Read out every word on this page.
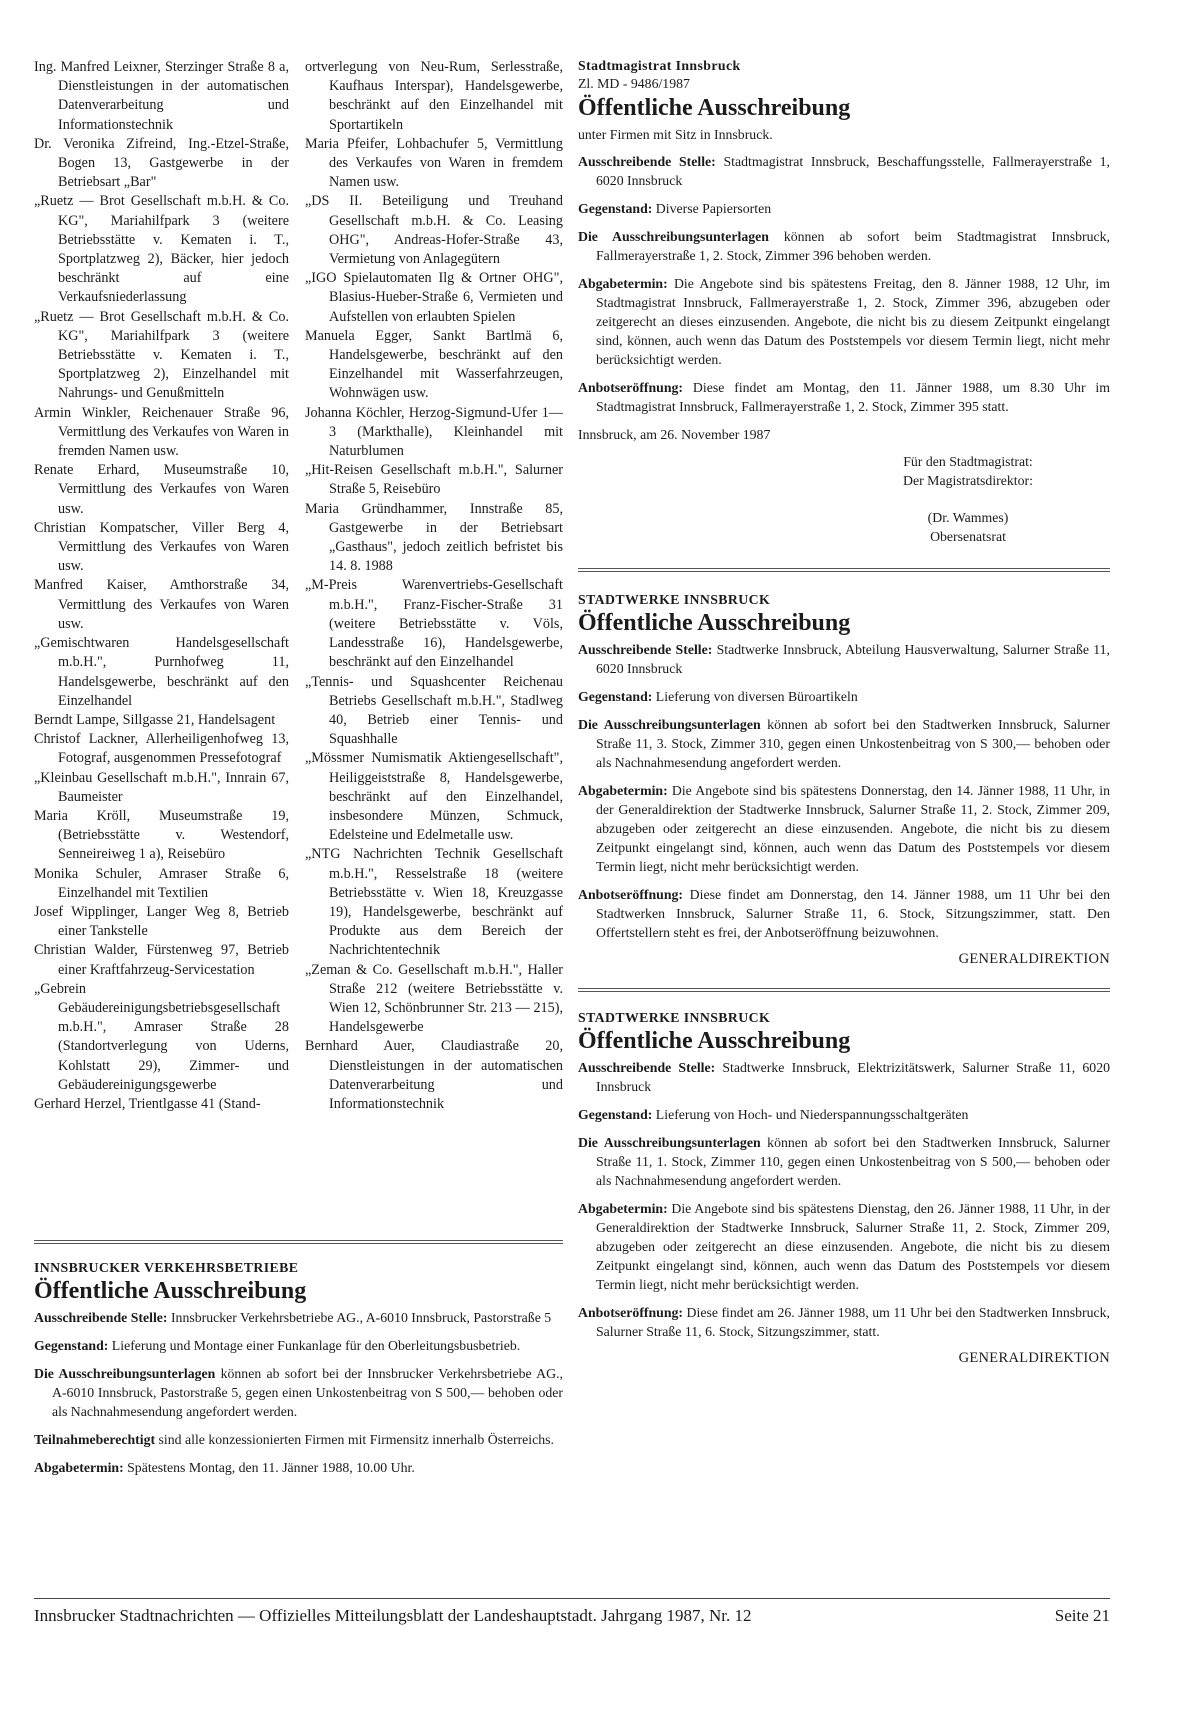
Ing. Manfred Leixner, Sterzinger Straße 8 a, Dienstleistungen in der automatischen Datenverarbeitung und Informationstechnik
Dr. Veronika Zifreind, Ing.-Etzel-Straße, Bogen 13, Gastgewerbe in der Betriebsart „Bar"
„Ruetz — Brot Gesellschaft m.b.H. & Co. KG", Mariahilfpark 3 (weitere Betriebsstätte v. Kematen i. T., Sportplatzweg 2), Bäcker, hier jedoch beschränkt auf eine Verkaufsniederlassung
„Ruetz — Brot Gesellschaft m.b.H. & Co. KG", Mariahilfpark 3 (weitere Betriebsstätte v. Kematen i. T., Sportplatzweg 2), Einzelhandel mit Nahrungs- und Genußmitteln
Armin Winkler, Reichenauer Straße 96, Vermittlung des Verkaufes von Waren in fremden Namen usw.
Renate Erhard, Museumstraße 10, Vermittlung des Verkaufes von Waren usw.
Christian Kompatscher, Viller Berg 4, Vermittlung des Verkaufes von Waren usw.
Manfred Kaiser, Amthorstraße 34, Vermittlung des Verkaufes von Waren usw.
„Gemischtwaren Handelsgesellschaft m.b.H.", Purnhofweg 11, Handelsgewerbe, beschränkt auf den Einzelhandel
Berndt Lampe, Sillgasse 21, Handelsagent
Christof Lackner, Allerheiligenhofweg 13, Fotograf, ausgenommen Pressefotograf
„Kleinbau Gesellschaft m.b.H.", Innrain 67, Baumeister
Maria Kröll, Museumstraße 19, (Betriebsstätte v. Westendorf, Senneireiweg 1 a), Reisebüro
Monika Schuler, Amraser Straße 6, Einzelhandel mit Textilien
Josef Wipplinger, Langer Weg 8, Betrieb einer Tankstelle
Christian Walder, Fürstenweg 97, Betrieb einer Kraftfahrzeug-Servicestation
„Gebrein Gebäudereinigungsbetriebsgesellschaft m.b.H.", Amraser Straße 28 (Standortverlegung von Uderns, Kohlstatt 29), Zimmer- und Gebäudereinigungsgewerbe
Gerhard Herzel, Trientlgasse 41 (Stand-
ortverlegung von Neu-Rum, Serlesstraße, Kaufhaus Interspar), Handelsgewerbe, beschränkt auf den Einzelhandel mit Sportartikeln
Maria Pfeifer, Lohbachufer 5, Vermittlung des Verkaufes von Waren in fremdem Namen usw.
„DS II. Beteiligung und Treuhand Gesellschaft m.b.H. & Co. Leasing OHG", Andreas-Hofer-Straße 43, Vermietung von Anlagegütern
„IGO Spielautomaten Ilg & Ortner OHG", Blasius-Hueber-Straße 6, Vermieten und Aufstellen von erlaubten Spielen
Manuela Egger, Sankt Bartlmä 6, Handelsgewerbe, beschränkt auf den Einzelhandel mit Wasserfahrzeugen, Wohnwägen usw.
Johanna Köchler, Herzog-Sigmund-Ufer 1—3 (Markthalle), Kleinhandel mit Naturblumen
„Hit-Reisen Gesellschaft m.b.H.", Salurner Straße 5, Reisebüro
Maria Gründhammer, Innstraße 85, Gastgewerbe in der Betriebsart „Gasthaus", jedoch zeitlich befristet bis 14. 8. 1988
„M-Preis Warenvertriebs-Gesellschaft m.b.H.", Franz-Fischer-Straße 31 (weitere Betriebsstätte v. Völs, Landesstraße 16), Handelsgewerbe, beschränkt auf den Einzelhandel
„Tennis- und Squashcenter Reichenau Betriebs Gesellschaft m.b.H.", Stadlweg 40, Betrieb einer Tennis- und Squashhalle
„Mössmer Numismatik Aktiengesellschaft", Heiliggeiststraße 8, Handelsgewerbe, beschränkt auf den Einzelhandel, insbesondere Münzen, Schmuck, Edelsteine und Edelmetalle usw.
„NTG Nachrichten Technik Gesellschaft m.b.H.", Resselstraße 18 (weitere Betriebsstätte v. Wien 18, Kreuzgasse 19), Handelsgewerbe, beschränkt auf Produkte aus dem Bereich der Nachrichtentechnik
„Zeman & Co. Gesellschaft m.b.H.", Haller Straße 212 (weitere Betriebsstätte v. Wien 12, Schönbrunner Str. 213 — 215), Handelsgewerbe
Bernhard Auer, Claudiastraße 20, Dienstleistungen in der automatischen Datenverarbeitung und Informationstechnik
Stadtmagistrat Innsbruck
Zl. MD - 9486/1987
Öffentliche Ausschreibung
unter Firmen mit Sitz in Innsbruck.
Ausschreibende Stelle: Stadtmagistrat Innsbruck, Beschaffungsstelle, Fallmerayerstraße 1, 6020 Innsbruck
Gegenstand: Diverse Papiersorten
Die Ausschreibungsunterlagen können ab sofort beim Stadtmagistrat Innsbruck, Fallmerayerstraße 1, 2. Stock, Zimmer 396 behoben werden.
Abgabetermin: Die Angebote sind bis spätestens Freitag, den 8. Jänner 1988, 12 Uhr, im Stadtmagistrat Innsbruck, Fallmerayerstraße 1, 2. Stock, Zimmer 396, abzugeben oder zeitgerecht an dieses einzusenden. Angebote, die nicht bis zu diesem Zeitpunkt eingelangt sind, können, auch wenn das Datum des Poststempels vor diesem Termin liegt, nicht mehr berücksichtigt werden.
Anbotseröffnung: Diese findet am Montag, den 11. Jänner 1988, um 8.30 Uhr im Stadtmagistrat Innsbruck, Fallmerayerstraße 1, 2. Stock, Zimmer 395 statt.
Innsbruck, am 26. November 1987
Für den Stadtmagistrat:
Der Magistratsdirektor:
(Dr. Wammes)
Obersenatsrat
STADTWERKE INNSBRUCK
Öffentliche Ausschreibung
Ausschreibende Stelle: Stadtwerke Innsbruck, Abteilung Hausverwaltung, Salurner Straße 11, 6020 Innsbruck
Gegenstand: Lieferung von diversen Büroartikeln
Die Ausschreibungsunterlagen können ab sofort bei den Stadtwerken Innsbruck, Salurner Straße 11, 3. Stock, Zimmer 310, gegen einen Unkostenbeitrag von S 300,— behoben oder als Nachnahmesendung angefordert werden.
Abgabetermin: Die Angebote sind bis spätestens Donnerstag, den 14. Jänner 1988, 11 Uhr, in der Generaldirektion der Stadtwerke Innsbruck, Salurner Straße 11, 2. Stock, Zimmer 209, abzugeben oder zeitgerecht an diese einzusenden. Angebote, die nicht bis zu diesem Zeitpunkt eingelangt sind, können, auch wenn das Datum des Poststempels vor diesem Termin liegt, nicht mehr berücksichtigt werden.
Anbotseröffnung: Diese findet am Donnerstag, den 14. Jänner 1988, um 11 Uhr bei den Stadtwerken Innsbruck, Salurner Straße 11, 6. Stock, Sitzungszimmer, statt. Den Offertstellern steht es frei, der Anbotseröffnung beizuwohnen.
GENERALDIREKTION
STADTWERKE INNSBRUCK
Öffentliche Ausschreibung
Ausschreibende Stelle: Stadtwerke Innsbruck, Elektrizitätswerk, Salurner Straße 11, 6020 Innsbruck
Gegenstand: Lieferung von Hoch- und Niederspannungsschaltgeräten
Die Ausschreibungsunterlagen können ab sofort bei den Stadtwerken Innsbruck, Salurner Straße 11, 1. Stock, Zimmer 110, gegen einen Unkostenbeitrag von S 500,— behoben oder als Nachnahmesendung angefordert werden.
Abgabetermin: Die Angebote sind bis spätestens Dienstag, den 26. Jänner 1988, 11 Uhr, in der Generaldirektion der Stadtwerke Innsbruck, Salurner Straße 11, 2. Stock, Zimmer 209, abzugeben oder zeitgerecht an diese einzusenden. Angebote, die nicht bis zu diesem Zeitpunkt eingelangt sind, können, auch wenn das Datum des Poststempels vor diesem Termin liegt, nicht mehr berücksichtigt werden.
Anbotseröffnung: Diese findet am 26. Jänner 1988, um 11 Uhr bei den Stadtwerken Innsbruck, Salurner Straße 11, 6. Stock, Sitzungszimmer, statt.
GENERALDIREKTION
INNSBRUCKER VERKEHRSBETRIEBE
Öffentliche Ausschreibung
Ausschreibende Stelle: Innsbrucker Verkehrsbetriebe AG., A-6010 Innsbruck, Pastorstraße 5
Gegenstand: Lieferung und Montage einer Funkanlage für den Oberleitungsbusbetrieb.
Die Ausschreibungsunterlagen können ab sofort bei der Innsbrucker Verkehrsbetriebe AG., A-6010 Innsbruck, Pastorstraße 5, gegen einen Unkostenbeitrag von S 500,— behoben oder als Nachnahmesendung angefordert werden.
Teilnahmeberechtigt sind alle konzessionierten Firmen mit Firmensitz innerhalb Österreichs.
Abgabetermin: Spätestens Montag, den 11. Jänner 1988, 10.00 Uhr.
Innsbrucker Stadtnachrichten — Offizielles Mitteilungsblatt der Landeshauptstadt. Jahrgang 1987, Nr. 12	Seite 21
